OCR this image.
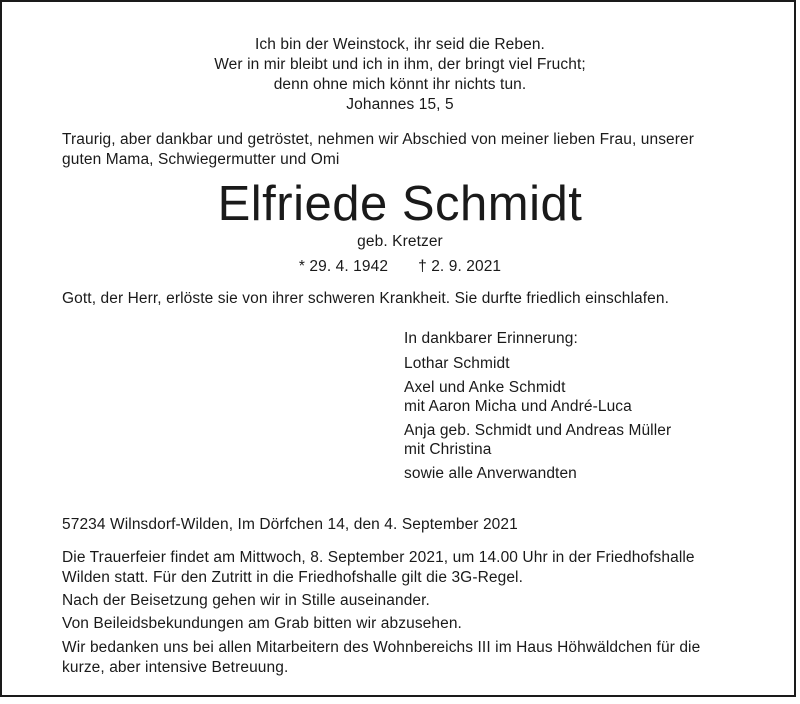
Ich bin der Weinstock, ihr seid die Reben.
Wer in mir bleibt und ich in ihm, der bringt viel Frucht;
denn ohne mich könnt ihr nichts tun.
Johannes 15, 5
Traurig, aber dankbar und getröstet, nehmen wir Abschied von meiner lieben Frau, unserer
guten Mama, Schwiegermutter und Omi
Elfriede Schmidt
geb. Kretzer
* 29. 4. 1942 † 2. 9. 2021
Gott, der Herr, erlöste sie von ihrer schweren Krankheit. Sie durfte friedlich einschlafen.
In dankbarer Erinnerung:
Lothar Schmidt
Axel und Anke Schmidt
mit Aaron Micha und André-Luca
Anja geb. Schmidt und Andreas Müller
mit Christina
sowie alle Anverwandten
57234 Wilnsdorf-Wilden, Im Dörfchen 14, den 4. September 2021
Die Trauerfeier findet am Mittwoch, 8. September 2021, um 14.00 Uhr in der Friedhofshalle
Wilden statt. Für den Zutritt in die Friedhofshalle gilt die 3G-Regel.
Nach der Beisetzung gehen wir in Stille auseinander.
Von Beileidsbekundungen am Grab bitten wir abzusehen.
Wir bedanken uns bei allen Mitarbeitern des Wohnbereichs III im Haus Höhwäldchen für die
kurze, aber intensive Betreuung.
